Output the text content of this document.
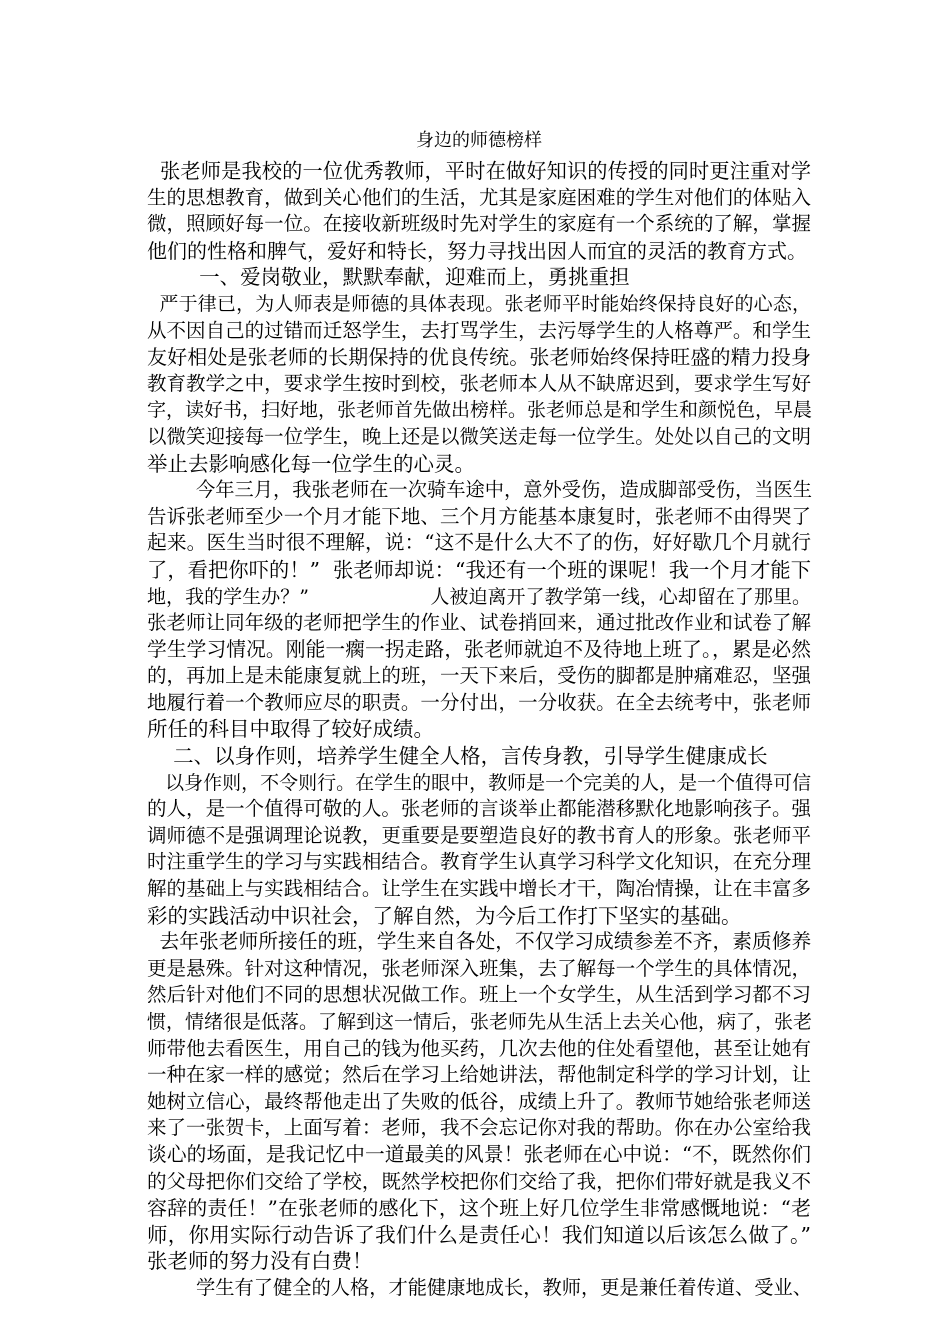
身边的师德榜样
张老师是我校的一位优秀教师，平时在做好知识的传授的同时更注重对学
生的思想教育，做到关心他们的生活，尤其是家庭困难的学生对他们的体贴入
微，照顾好每一位。在接收新班级时先对学生的家庭有一个系统的了解，掌握
他们的性格和脾气，爱好和特长，努力寻找出因人而宜的灵活的教育方式。
一、爱岗敬业，默默奉献，迎难而上，勇挑重担
严于律已，为人师表是师德的具体表现。张老师平时能始终保持良好的心态，
从不因自己的过错而迁怒学生，去打骂学生，去污辱学生的人格尊严。和学生
友好相处是张老师的长期保持的优良传统。张老师始终保持旺盛的精力投身
教育教学之中，要求学生按时到校，张老师本人从不缺席迟到，要求学生写好
字，读好书，扫好地，张老师首先做出榜样。张老师总是和学生和颜悦色，早晨
以微笑迎接每一位学生，晚上还是以微笑送走每一位学生。处处以自己的文明
举止去影响感化每一位学生的心灵。
今年三月，我张老师在一次骑车途中，意外受伤，造成脚部受伤，当医生
告诉张老师至少一个月才能下地、三个月方能基本康复时，张老师不由得哭了
起来。医生当时很不理解，说：“这不是什么大不了的伤，好好歇几个月就行
了，看把你吓的！”  张老师却说：“我还有一个班的课呢！我一个月才能下
地，我的学生办？”                    人被迫离开了教学第一线，心却留在了那里。
张老师让同年级的老师把学生的作业、试卷捎回来，通过批改作业和试卷了解
学生学习情况。刚能一瘸一拐走路，张老师就迫不及待地上班了。，累是必然
的，再加上是未能康复就上的班，一天下来后，受伤的脚都是肿痛难忍，坚强
地履行着一个教师应尽的职责。一分付出，一分收获。在全去统考中，张老师
所任的科目中取得了较好成绩。
二、以身作则，培养学生健全人格，言传身教，引导学生健康成长
以身作则，不令则行。在学生的眼中，教师是一个完美的人，是一个值得可信
的人，是一个值得可敬的人。张老师的言谈举止都能潜移默化地影响孩子。强
调师德不是强调理论说教，更重要是要塑造良好的教书育人的形象。张老师平
时注重学生的学习与实践相结合。教育学生认真学习科学文化知识，在充分理
解的基础上与实践相结合。让学生在实践中增长才干，陶冶情操，让在丰富多
彩的实践活动中识社会，了解自然，为今后工作打下坚实的基础。
去年张老师所接任的班，学生来自各处，不仅学习成绩参差不齐，素质修养
更是悬殊。针对这种情况，张老师深入班集，去了解每一个学生的具体情况，
然后针对他们不同的思想状况做工作。班上一个女学生，从生活到学习都不习
惯，情绪很是低落。了解到这一情后，张老师先从生活上去关心他，病了，张老
师带他去看医生，用自己的钱为他买药，几次去他的住处看望他，甚至让她有
一种在家一样的感觉；然后在学习上给她讲法，帮他制定科学的学习计划，让
她树立信心，最终帮他走出了失败的低谷，成绩上升了。教师节她给张老师送
来了一张贺卡，上面写着：老师，我不会忘记你对我的帮助。你在办公室给我
谈心的场面，是我记忆中一道最美的风景！张老师在心中说：“不，既然你们
的父母把你们交给了学校，既然学校把你们交给了我，把你们带好就是我义不
容辞的责任！”在张老师的感化下，这个班上好几位学生非常感慨地说：“老
师，你用实际行动告诉了我们什么是责任心！我们知道以后该怎么做了。”
张老师的努力没有白费！
学生有了健全的人格，才能健康地成长，教师，更是兼任着传道、受业、
